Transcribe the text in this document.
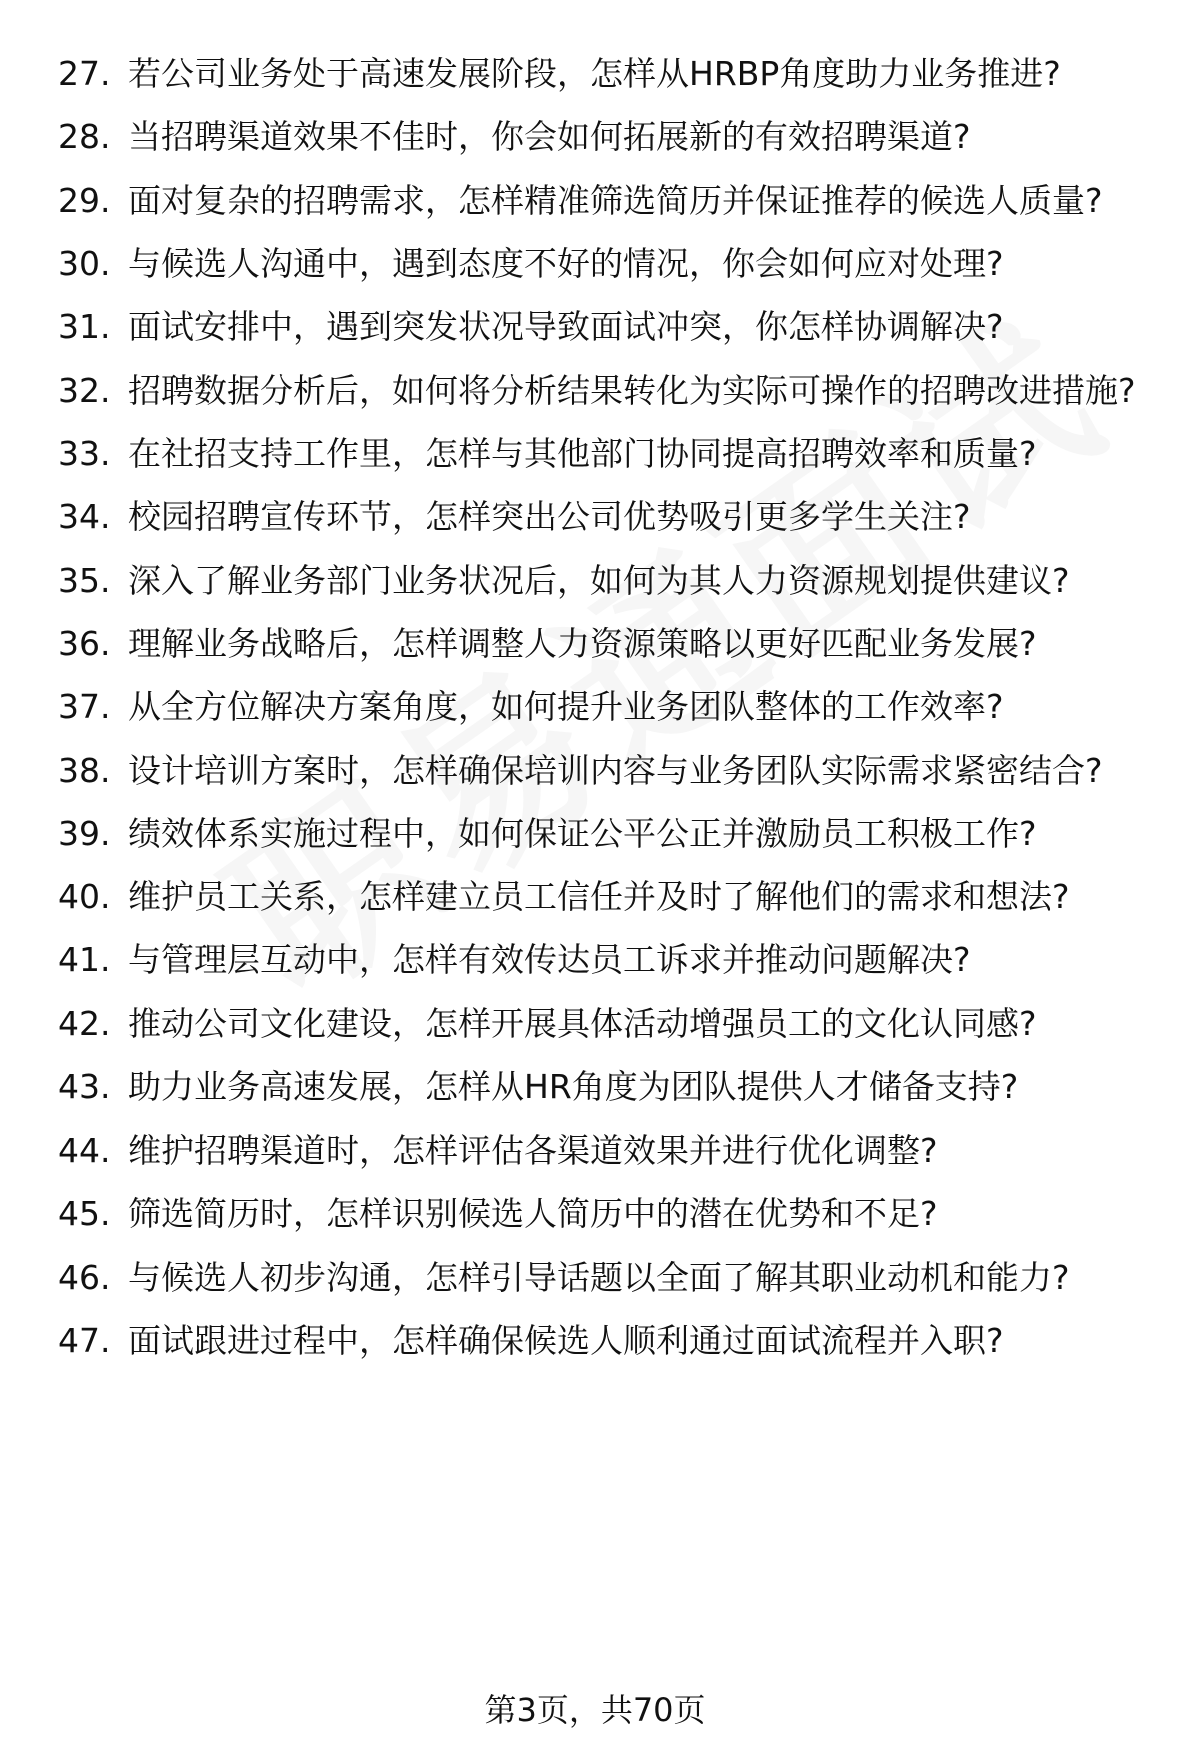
27. 若公司业务处于高速发展阶段，怎样从HRBP角度助力业务推进?
28. 当招聘渠道效果不佳时，你会如何拓展新的有效招聘渠道?
29. 面对复杂的招聘需求，怎样精准筛选简历并保证推荐的候选人质量?
30. 与候选人沟通中，遇到态度不好的情况，你会如何应对处理?
31. 面试安排中，遇到突发状况导致面试冲突，你怎样协调解决?
32. 招聘数据分析后，如何将分析结果转化为实际可操作的招聘改进措施?
33. 在社招支持工作里，怎样与其他部门协同提高招聘效率和质量?
34. 校园招聘宣传环节，怎样突出公司优势吸引更多学生关注?
35. 深入了解业务部门业务状况后，如何为其人力资源规划提供建议?
36. 理解业务战略后，怎样调整人力资源策略以更好匹配业务发展?
37. 从全方位解决方案角度，如何提升业务团队整体的工作效率?
38. 设计培训方案时，怎样确保培训内容与业务团队实际需求紧密结合?
39. 绩效体系实施过程中，如何保证公平公正并激励员工积极工作?
40. 维护员工关系，怎样建立员工信任并及时了解他们的需求和想法?
41. 与管理层互动中，怎样有效传达员工诉求并推动问题解决?
42. 推动公司文化建设，怎样开展具体活动增强员工的文化认同感?
43. 助力业务高速发展，怎样从HR角度为团队提供人才储备支持?
44. 维护招聘渠道时，怎样评估各渠道效果并进行优化调整?
45. 筛选简历时，怎样识别候选人简历中的潜在优势和不足?
46. 与候选人初步沟通，怎样引导话题以全面了解其职业动机和能力?
47. 面试跟进过程中，怎样确保候选人顺利通过面试流程并入职?
第3页，共70页
